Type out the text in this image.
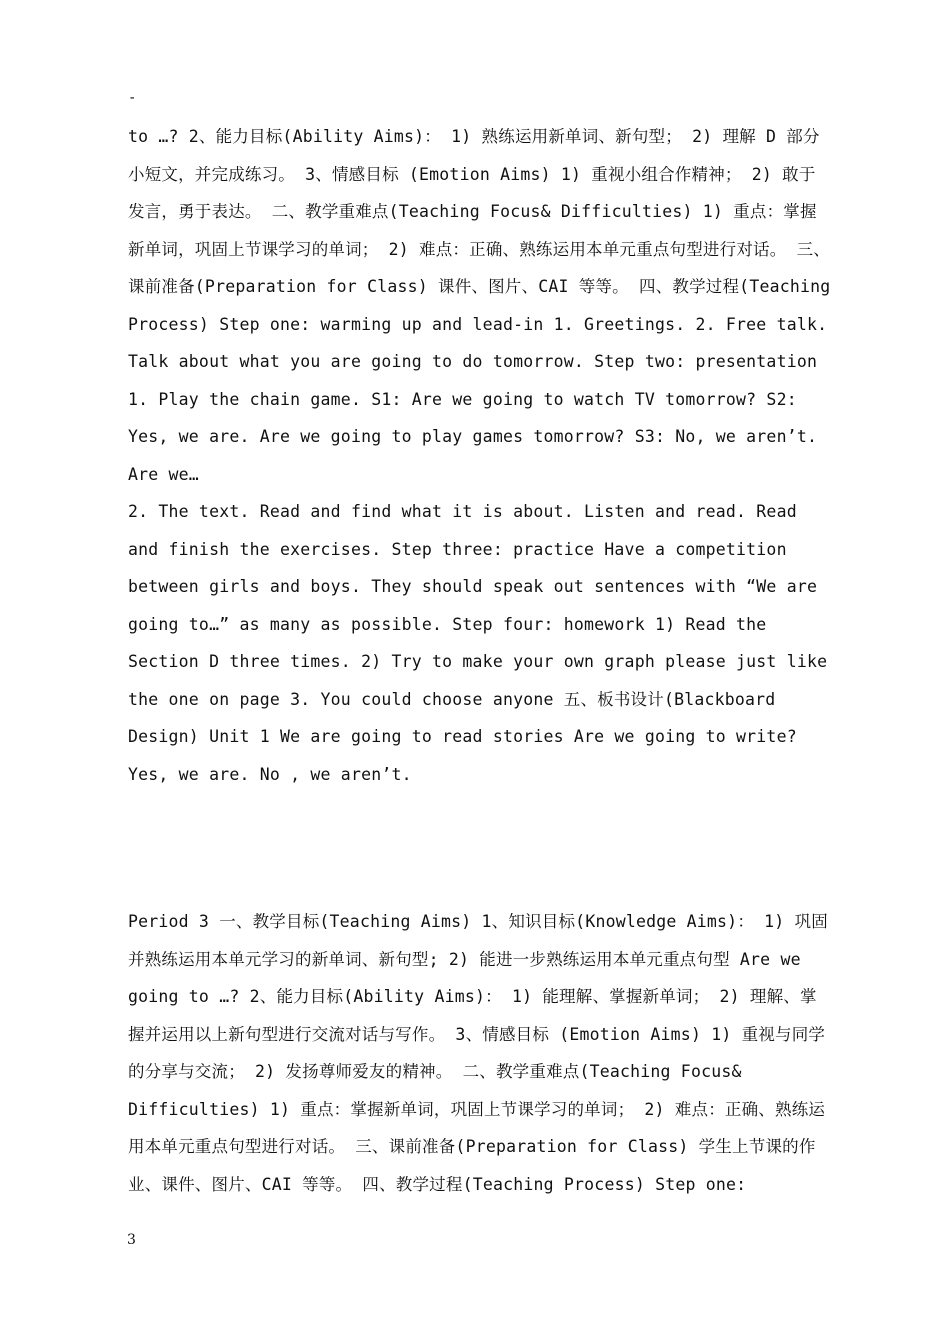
-

to …? 2、能力目标(Ability Aims)： 1) 熟练运用新单词、新句型； 2) 理解 D 部分小短文，并完成练习。 3、情感目标 (Emotion Aims) 1) 重视小组合作精神； 2) 敢于发言，勇于表达。 二、教学重难点(Teaching Focus& Difficulties) 1) 重点：掌握新单词，巩固上节课学习的单词； 2) 难点：正确、熟练运用本单元重点句型进行对话。 三、课前准备(Preparation for Class) 课件、图片、CAI 等等。 四、教学过程(Teaching Process) Step one: warming up and lead-in 1. Greetings. 2. Free talk. Talk about what you are going to do tomorrow. Step two: presentation

1. Play the chain game. S1: Are we going to watch TV tomorrow? S2: Yes, we are. Are we going to play games tomorrow? S3: No, we aren’t. Are we…

2. The text. Read and find what it is about. Listen and read. Read and finish the exercises. Step three: practice Have a competition between girls and boys. They should speak out sentences with “We are going to…” as many as possible. Step four: homework 1) Read the Section D three times. 2) Try to make your own graph please just like the one on page 3. You could choose anyone 五、板书设计(Blackboard Design) Unit 1 We are going to read stories Are we going to write? Yes, we are. No , we aren’t.

Period 3 一、教学目标(Teaching Aims) 1、知识目标(Knowledge Aims)： 1) 巩固并熟练运用本单元学习的新单词、新句型; 2) 能进一步熟练运用本单元重点句型 Are we going to …? 2、能力目标(Ability Aims)： 1) 能理解、掌握新单词； 2) 理解、掌握并运用以上新句型进行交流对话与写作。 3、情感目标 (Emotion Aims) 1) 重视与同学的分享与交流； 2) 发扬尊师爱友的精神。 二、教学重难点(Teaching Focus& Difficulties) 1) 重点：掌握新单词，巩固上节课学习的单词； 2) 难点：正确、熟练运用本单元重点句型进行对话。 三、课前准备(Preparation for Class) 学生上节课的作业、课件、图片、CAI 等等。 四、教学过程(Teaching Process) Step one:

3
